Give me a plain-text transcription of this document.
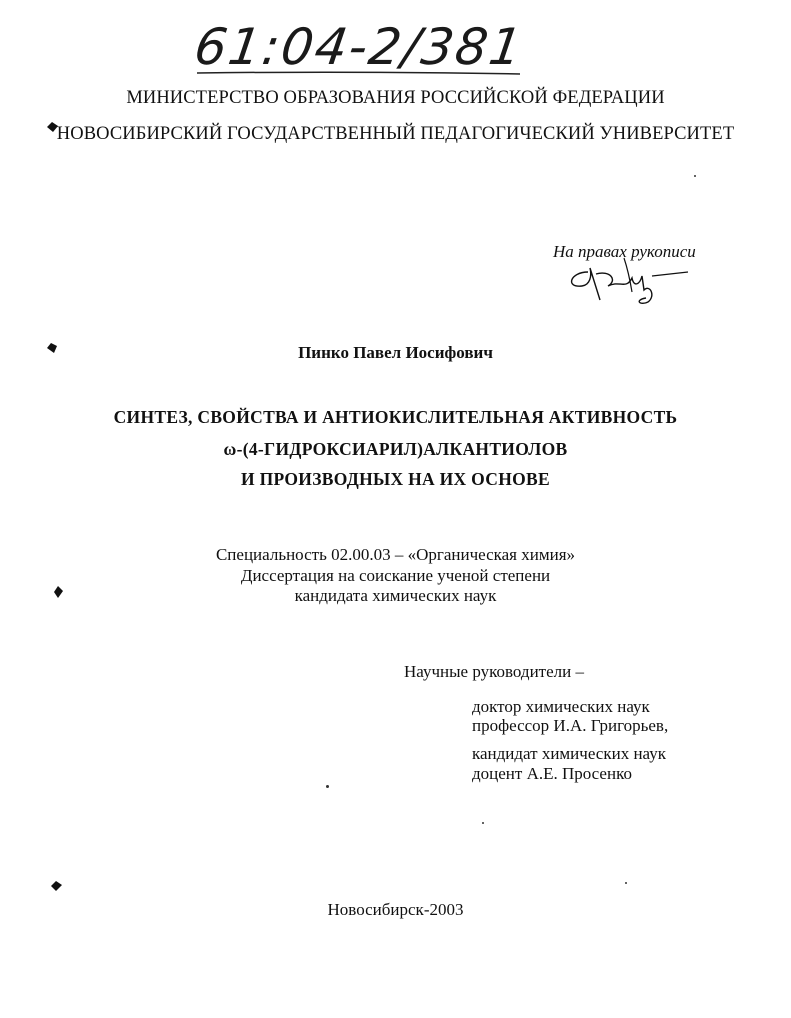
61:04-2/381
МИНИСТЕРСТВО ОБРАЗОВАНИЯ РОССИЙСКОЙ ФЕДЕРАЦИИ
НОВОСИБИРСКИЙ ГОСУДАРСТВЕННЫЙ ПЕДАГОГИЧЕСКИЙ УНИВЕРСИТЕТ
На правах рукописи
Пинко Павел Иосифович
СИНТЕЗ, СВОЙСТВА И АНТИОКИСЛИТЕЛЬНАЯ АКТИВНОСТЬ
ω-(4-ГИДРОКСИАРИЛ)АЛКАНТИОЛОВ
И ПРОИЗВОДНЫХ НА ИХ ОСНОВЕ
Специальность 02.00.03 – «Органическая химия»
Диссертация на соискание ученой степени
кандидата химических наук
Научные руководители –
доктор химических наук
профессор И.А. Григорьев,
кандидат химических наук
доцент А.Е. Просенко
Новосибирск-2003
